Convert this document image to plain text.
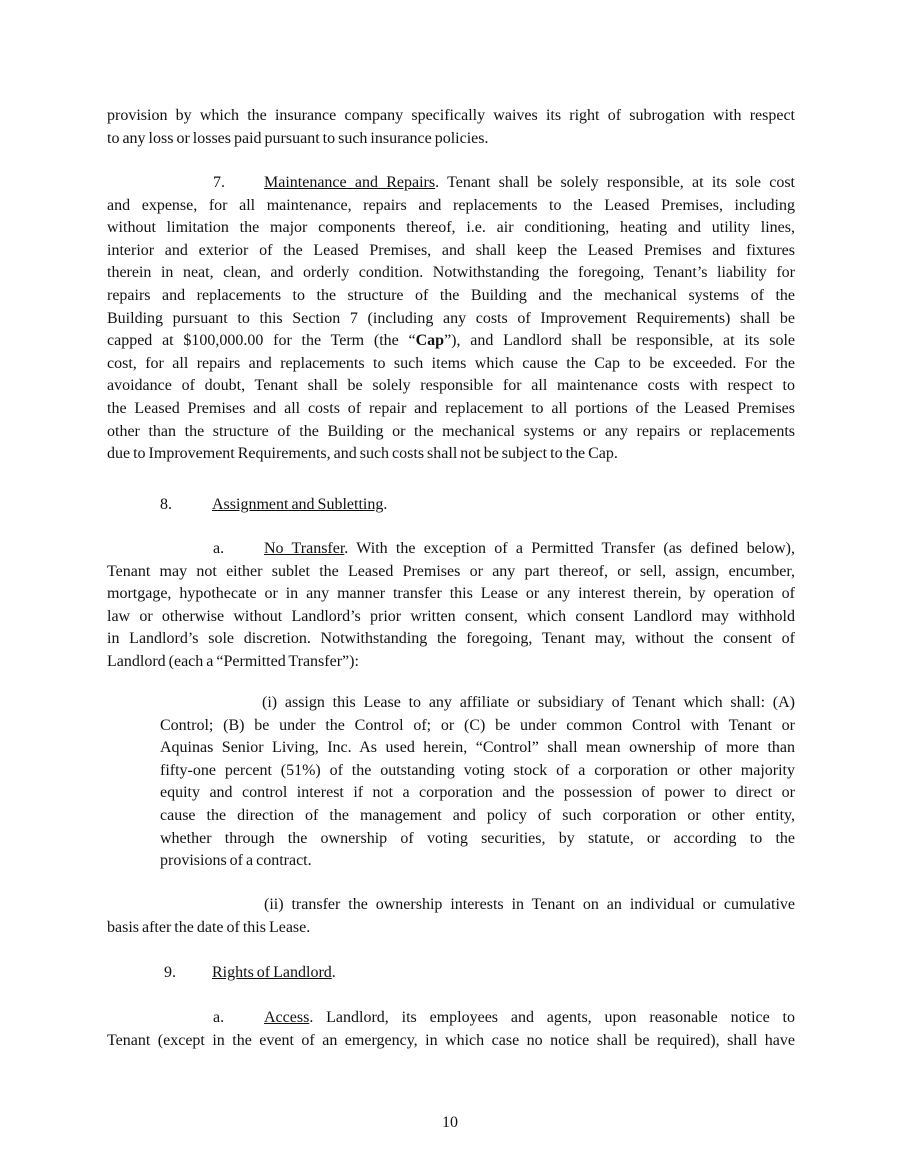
provision by which the insurance company specifically waives its right of subrogation with respect
to any loss or losses paid pursuant to such insurance policies.
7. Maintenance and Repairs. Tenant shall be solely responsible, at its sole cost
and expense, for all maintenance, repairs and replacements to the Leased Premises, including
without limitation the major components thereof, i.e. air conditioning, heating and utility lines,
interior and exterior of the Leased Premises, and shall keep the Leased Premises and fixtures
therein in neat, clean, and orderly condition. Notwithstanding the foregoing, Tenant’s liability for
repairs and replacements to the structure of the Building and the mechanical systems of the
Building pursuant to this Section 7 (including any costs of Improvement Requirements) shall be
capped at $100,000.00 for the Term (the “Cap”), and Landlord shall be responsible, at its sole
cost, for all repairs and replacements to such items which cause the Cap to be exceeded. For the
avoidance of doubt, Tenant shall be solely responsible for all maintenance costs with respect to
the Leased Premises and all costs of repair and replacement to all portions of the Leased Premises
other than the structure of the Building or the mechanical systems or any repairs or replacements
due to Improvement Requirements, and such costs shall not be subject to the Cap.
8.	Assignment and Subletting.
a. No Transfer. With the exception of a Permitted Transfer (as defined below),
Tenant may not either sublet the Leased Premises or any part thereof, or sell, assign, encumber,
mortgage, hypothecate or in any manner transfer this Lease or any interest therein, by operation of
law or otherwise without Landlord’s prior written consent, which consent Landlord may withhold
in Landlord’s sole discretion. Notwithstanding the foregoing, Tenant may, without the consent of
Landlord (each a “Permitted Transfer”):
(i) assign this Lease to any affiliate or subsidiary of Tenant which shall: (A)
Control; (B) be under the Control of; or (C) be under common Control with Tenant or
Aquinas Senior Living, Inc. As used herein, “Control” shall mean ownership of more than
fifty-one percent (51%) of the outstanding voting stock of a corporation or other majority
equity and control interest if not a corporation and the possession of power to direct or
cause the direction of the management and policy of such corporation or other entity,
whether through the ownership of voting securities, by statute, or according to the
provisions of a contract.
(ii) transfer the ownership interests in Tenant on an individual or cumulative
basis after the date of this Lease.
9. Rights of Landlord.
a. Access. Landlord, its employees and agents, upon reasonable notice to
Tenant (except in the event of an emergency, in which case no notice shall be required), shall have
10
